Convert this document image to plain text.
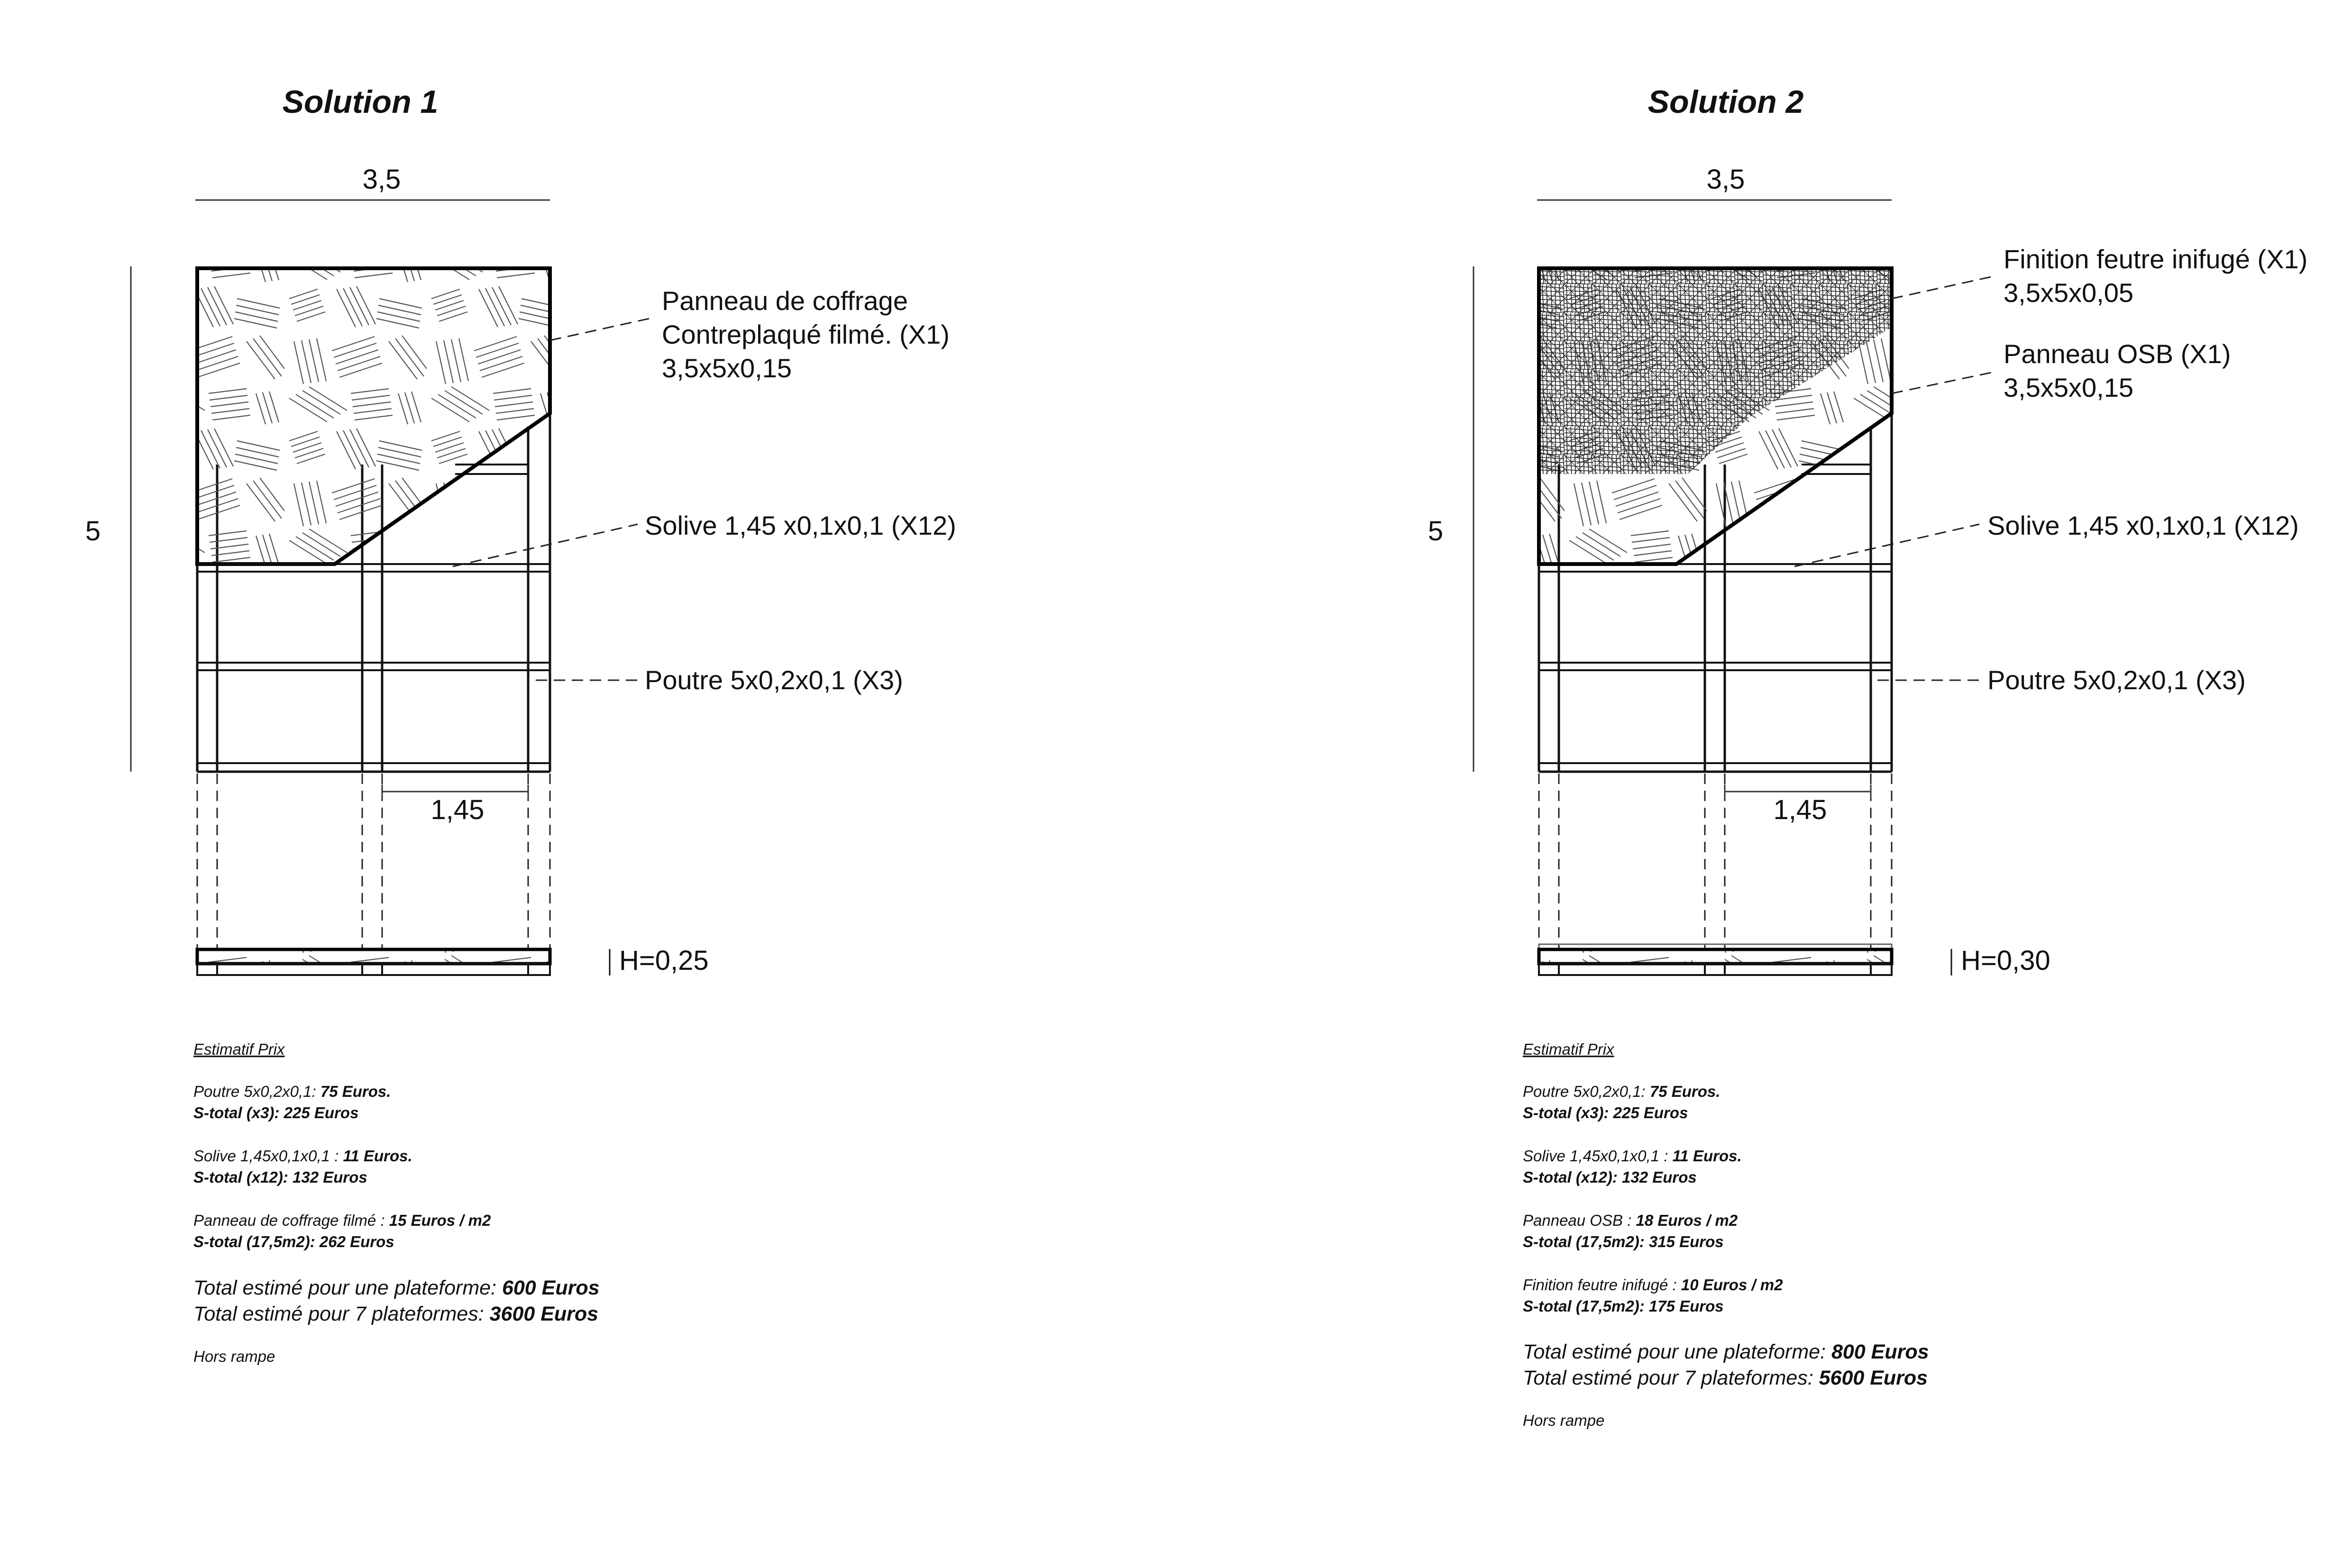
Solution 1
3,5
5
1,45
H=0,25
Panneau de coffrage
Contreplaqué filmé. (X1)
3,5x5x0,15
Solive 1,45 x0,1x0,1 (X12)
Poutre 5x0,2x0,1 (X3)
Estimatif Prix
Poutre 5x0,2x0,1: 75 Euros.
S-total (x3): 225 Euros
Solive 1,45x0,1x0,1 : 11 Euros.
S-total (x12): 132 Euros
Panneau de coffrage filmé : 15 Euros / m2
S-total (17,5m2): 262 Euros
Total estimé pour une plateforme: 600 Euros
Total estimé pour 7 plateformes: 3600 Euros
Hors rampe
Solution 2
3,5
5
1,45
H=0,30
Finition feutre inifugé (X1)
3,5x5x0,05
Panneau OSB (X1)
3,5x5x0,15
Solive 1,45 x0,1x0,1 (X12)
Poutre 5x0,2x0,1 (X3)
Estimatif Prix
Poutre 5x0,2x0,1: 75 Euros.
S-total (x3): 225 Euros
Solive 1,45x0,1x0,1 : 11 Euros.
S-total (x12): 132 Euros
Panneau OSB : 18 Euros / m2
S-total (17,5m2): 315 Euros
Finition feutre inifugé : 10 Euros / m2
S-total (17,5m2): 175 Euros
Total estimé pour une plateforme: 800 Euros
Total estimé pour 7 plateformes: 5600 Euros
Hors rampe
